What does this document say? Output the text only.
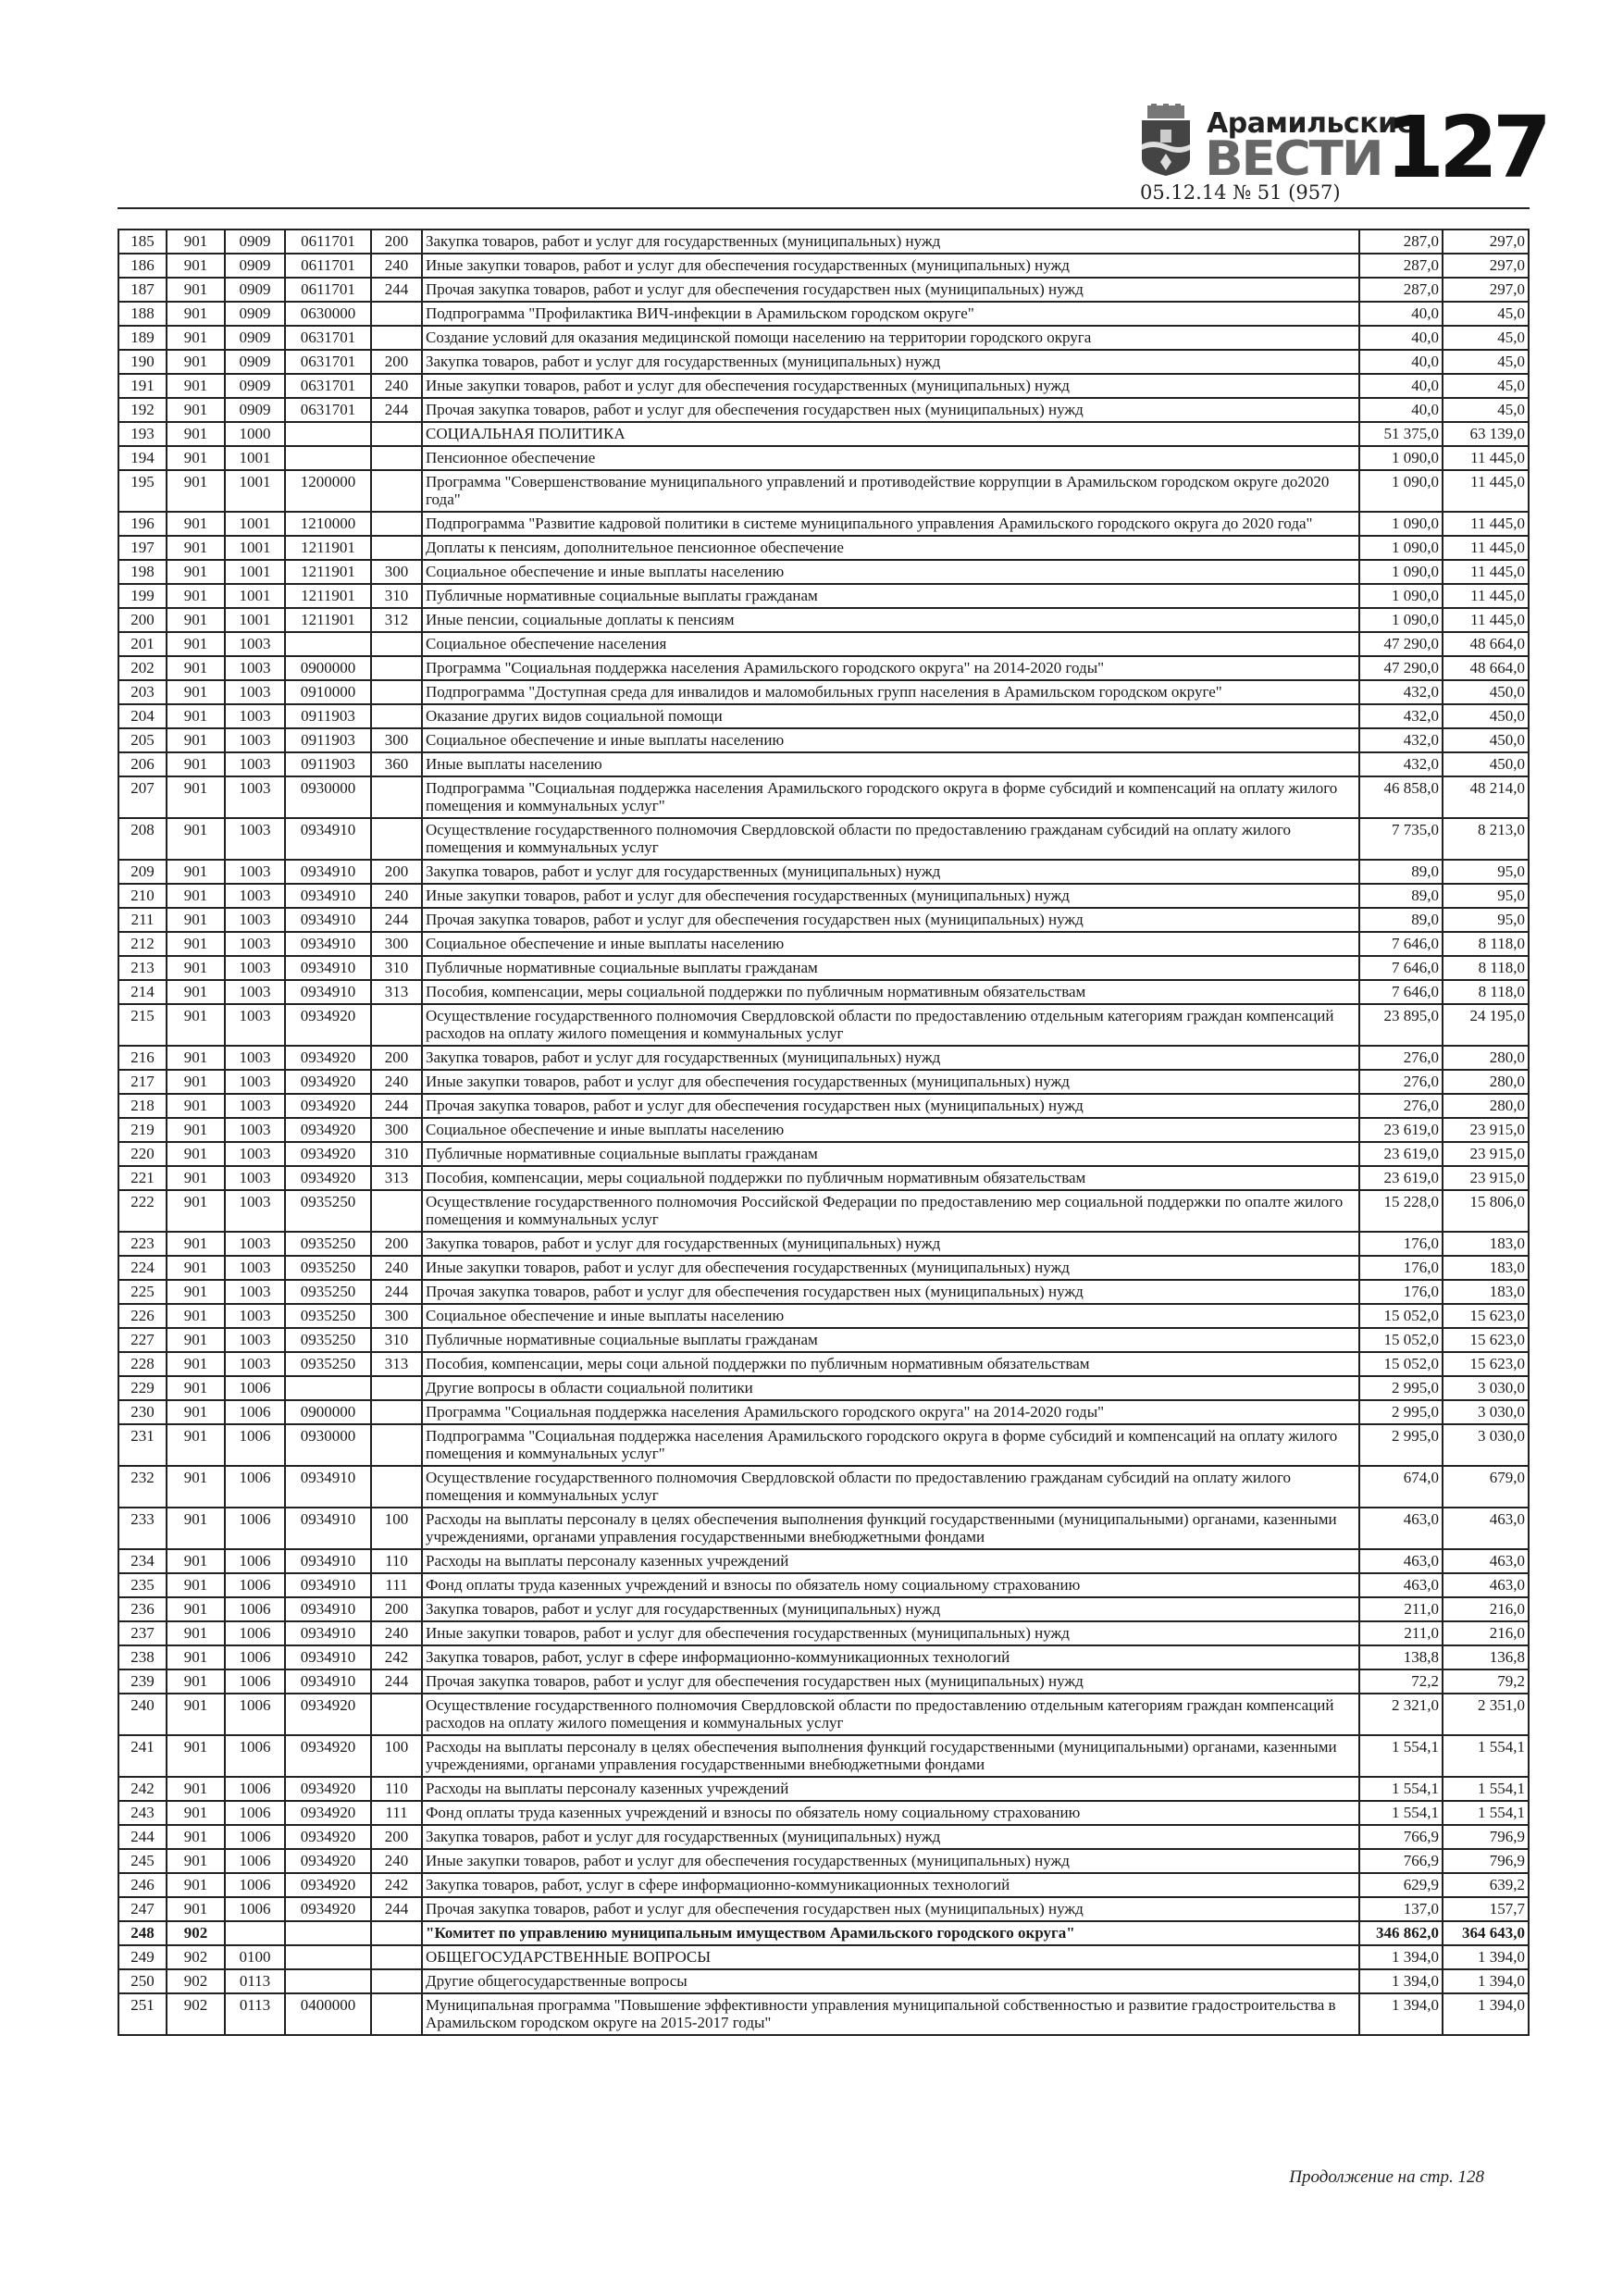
Арамильские
ВЕСТИ 127
05.12.14 № 51 (957)
185	901	0909	0611701	200	Закупка товаров, работ и услуг для государственных (муниципальных) нужд	287,0	297,0
186	901	0909	0611701	240	Иные закупки товаров, работ и услуг для обеспечения государственных (муниципальных) нужд	287,0	297,0
187	901	0909	0611701	244	Прочая закупка товаров, работ и услуг для обеспечения государствен ных (муниципальных) нужд	287,0	297,0
188	901	0909	0630000		Подпрограмма "Профилактика ВИЧ-инфекции в Арамильском городском округе"	40,0	45,0
189	901	0909	0631701		Создание условий для оказания медицинской помощи населению на территории городского округа	40,0	45,0
190	901	0909	0631701	200	Закупка товаров, работ и услуг для государственных (муниципальных) нужд	40,0	45,0
191	901	0909	0631701	240	Иные закупки товаров, работ и услуг для обеспечения государственных (муниципальных) нужд	40,0	45,0
192	901	0909	0631701	244	Прочая закупка товаров, работ и услуг для обеспечения государствен ных (муниципальных) нужд	40,0	45,0
193	901	1000			СОЦИАЛЬНАЯ ПОЛИТИКА	51 375,0	63 139,0
194	901	1001			Пенсионное обеспечение	1 090,0	11 445,0
195	901	1001	1200000		Программа "Совершенствование муниципального управлений и противодействие коррупции в Арамильском городском округе до2020 года"	1 090,0	11 445,0
196	901	1001	1210000		Подпрограмма "Развитие кадровой политики в системе муниципального управления Арамильского городского округа до 2020 года"	1 090,0	11 445,0
197	901	1001	1211901		Доплаты к пенсиям, дополнительное пенсионное обеспечение	1 090,0	11 445,0
198	901	1001	1211901	300	Социальное обеспечение и иные выплаты населению	1 090,0	11 445,0
199	901	1001	1211901	310	Публичные нормативные социальные выплаты гражданам	1 090,0	11 445,0
200	901	1001	1211901	312	Иные пенсии, социальные доплаты к пенсиям	1 090,0	11 445,0
201	901	1003			Социальное обеспечение населения	47 290,0	48 664,0
202	901	1003	0900000		Программа "Социальная поддержка населения Арамильского городского округа" на 2014-2020 годы"	47 290,0	48 664,0
203	901	1003	0910000		Подпрограмма "Доступная среда для инвалидов и маломобильных групп населения в Арамильском городском округе"	432,0	450,0
204	901	1003	0911903		Оказание других видов социальной помощи	432,0	450,0
205	901	1003	0911903	300	Социальное обеспечение и иные выплаты населению	432,0	450,0
206	901	1003	0911903	360	Иные выплаты населению	432,0	450,0
207	901	1003	0930000		Подпрограмма "Социальная поддержка населения Арамильского городского округа в форме субсидий и компенсаций на оплату жилого помещения и коммунальных услуг"	46 858,0	48 214,0
208	901	1003	0934910		Осуществление государственного полномочия Свердловской области по предоставлению гражданам субсидий на оплату жилого помещения и коммунальных услуг	7 735,0	8 213,0
209	901	1003	0934910	200	Закупка товаров, работ и услуг для государственных (муниципальных) нужд	89,0	95,0
210	901	1003	0934910	240	Иные закупки товаров, работ и услуг для обеспечения государственных (муниципальных) нужд	89,0	95,0
211	901	1003	0934910	244	Прочая закупка товаров, работ и услуг для обеспечения государствен ных (муниципальных) нужд	89,0	95,0
212	901	1003	0934910	300	Социальное обеспечение и иные выплаты населению	7 646,0	8 118,0
213	901	1003	0934910	310	Публичные нормативные социальные выплаты гражданам	7 646,0	8 118,0
214	901	1003	0934910	313	Пособия, компенсации, меры социальной поддержки по публичным нормативным обязательствам	7 646,0	8 118,0
215	901	1003	0934920		Осуществление государственного полномочия Свердловской области по предоставлению отдельным категориям граждан компенсаций расходов на оплату жилого помещения и коммунальных услуг	23 895,0	24 195,0
216	901	1003	0934920	200	Закупка товаров, работ и услуг для государственных (муниципальных) нужд	276,0	280,0
217	901	1003	0934920	240	Иные закупки товаров, работ и услуг для обеспечения государственных (муниципальных) нужд	276,0	280,0
218	901	1003	0934920	244	Прочая закупка товаров, работ и услуг для обеспечения государствен ных (муниципальных) нужд	276,0	280,0
219	901	1003	0934920	300	Социальное обеспечение и иные выплаты населению	23 619,0	23 915,0
220	901	1003	0934920	310	Публичные нормативные социальные выплаты гражданам	23 619,0	23 915,0
221	901	1003	0934920	313	Пособия, компенсации, меры социальной поддержки по публичным нормативным обязательствам	23 619,0	23 915,0
222	901	1003	0935250		Осуществление государственного полномочия Российской Федерации по предоставлению мер социальной поддержки по опалте жилого помещения и коммунальных услуг	15 228,0	15 806,0
223	901	1003	0935250	200	Закупка товаров, работ и услуг для государственных (муниципальных) нужд	176,0	183,0
224	901	1003	0935250	240	Иные закупки товаров, работ и услуг для обеспечения государственных (муниципальных) нужд	176,0	183,0
225	901	1003	0935250	244	Прочая закупка товаров, работ и услуг для обеспечения государствен ных (муниципальных) нужд	176,0	183,0
226	901	1003	0935250	300	Социальное обеспечение и иные выплаты населению	15 052,0	15 623,0
227	901	1003	0935250	310	Публичные нормативные социальные выплаты гражданам	15 052,0	15 623,0
228	901	1003	0935250	313	Пособия, компенсации, меры соци альной поддержки по публичным нормативным обязательствам	15 052,0	15 623,0
229	901	1006			Другие вопросы в области социальной политики	2 995,0	3 030,0
230	901	1006	0900000		Программа "Социальная поддержка населения Арамильского городского округа" на 2014-2020 годы"	2 995,0	3 030,0
231	901	1006	0930000		Подпрограмма "Социальная поддержка населения Арамильского городского округа в форме субсидий и компенсаций на оплату жилого помещения и коммунальных услуг"	2 995,0	3 030,0
232	901	1006	0934910		Осуществление государственного полномочия Свердловской области по предоставлению гражданам субсидий на оплату жилого помещения и коммунальных услуг	674,0	679,0
233	901	1006	0934910	100	Расходы на выплаты персоналу в целях обеспечения выполнения функций государственными (муниципальными) органами, казенными учреждениями, органами управления государственными внебюджетными фондами	463,0	463,0
234	901	1006	0934910	110	Расходы на выплаты персоналу казенных учреждений	463,0	463,0
235	901	1006	0934910	111	Фонд оплаты труда казенных учреждений и взносы по обязатель ному социальному страхованию	463,0	463,0
236	901	1006	0934910	200	Закупка товаров, работ и услуг для государственных (муниципальных) нужд	211,0	216,0
237	901	1006	0934910	240	Иные закупки товаров, работ и услуг для обеспечения государственных (муниципальных) нужд	211,0	216,0
238	901	1006	0934910	242	Закупка товаров, работ, услуг в сфере информационно-коммуникационных технологий	138,8	136,8
239	901	1006	0934910	244	Прочая закупка товаров, работ и услуг для обеспечения государствен ных (муниципальных) нужд	72,2	79,2
240	901	1006	0934920		Осуществление государственного полномочия Свердловской области по предоставлению отдельным категориям граждан компенсаций расходов на оплату жилого помещения и коммунальных услуг	2 321,0	2 351,0
241	901	1006	0934920	100	Расходы на выплаты персоналу в целях обеспечения выполнения функций государственными (муниципальными) органами, казенными учреждениями, органами управления государственными внебюджетными фондами	1 554,1	1 554,1
242	901	1006	0934920	110	Расходы на выплаты персоналу казенных учреждений	1 554,1	1 554,1
243	901	1006	0934920	111	Фонд оплаты труда казенных учреждений и взносы по обязатель ному социальному страхованию	1 554,1	1 554,1
244	901	1006	0934920	200	Закупка товаров, работ и услуг для государственных (муниципальных) нужд	766,9	796,9
245	901	1006	0934920	240	Иные закупки товаров, работ и услуг для обеспечения государственных (муниципальных) нужд	766,9	796,9
246	901	1006	0934920	242	Закупка товаров, работ, услуг в сфере информационно-коммуникационных технологий	629,9	639,2
247	901	1006	0934920	244	Прочая закупка товаров, работ и услуг для обеспечения государствен ных (муниципальных) нужд	137,0	157,7
248	902				"Комитет по управлению муниципальным имуществом Арамильского городского округа"	346 862,0	364 643,0
249	902	0100			ОБЩЕГОСУДАРСТВЕННЫЕ ВОПРОСЫ	1 394,0	1 394,0
250	902	0113			Другие общегосударственные вопросы	1 394,0	1 394,0
251	902	0113	0400000		Муниципальная программа "Повышение эффективности управления муниципальной собственностью и развитие градостроительства в Арамильском городском округе на 2015-2017 годы"	1 394,0	1 394,0
Продолжение на стр. 128
